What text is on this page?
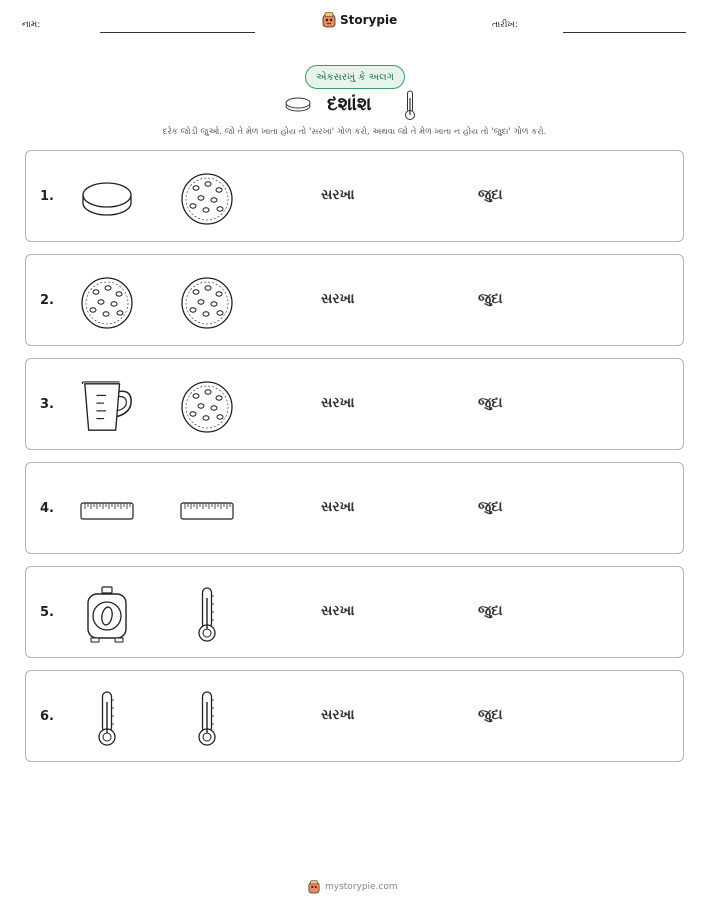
નામ:	Storypie	તારીખ:
એકસરખું કે અલગ
દશાંશ
દરેક જોડી જુઓ. જો તે મેળ ખાતા હોય તો 'સરખા' ગોળ કરો, અથવા જો તે મેળ ખાતા ન હોય તો 'જુદા' ગોળ કરો.
1.	સરખા	જુદા
2.	સરખા	જુદા
3.	સરખા	જુદા
4.	સરખા	જુદા
5.	સરખા	જુદા
6.	સરખા	જુદા
mystorypie.com
